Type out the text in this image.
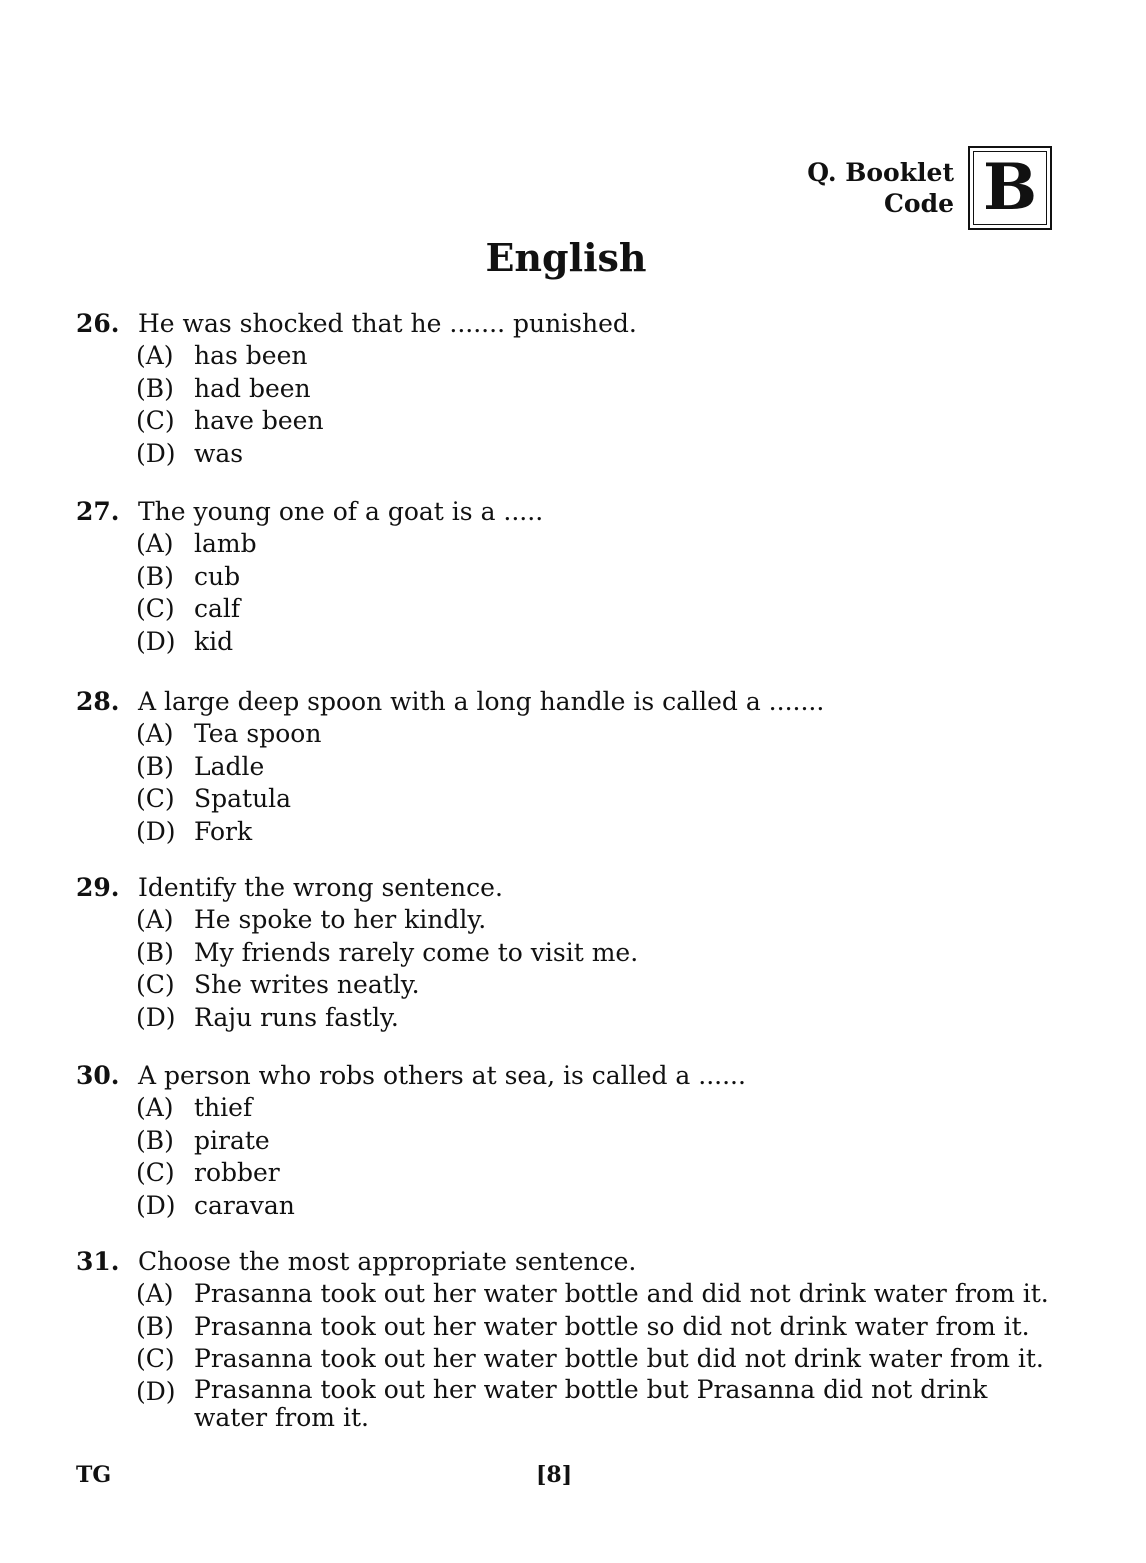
Q. Booklet
Code B
English
26. He was shocked that he ....... punished.
(A) has been
(B) had been
(C) have been
(D) was
27. The young one of a goat is a .....
(A) lamb
(B) cub
(C) calf
(D) kid
28. A large deep spoon with a long handle is called a .......
(A) Tea spoon
(B) Ladle
(C) Spatula
(D) Fork
29. Identify the wrong sentence.
(A) He spoke to her kindly.
(B) My friends rarely come to visit me.
(C) She writes neatly.
(D) Raju runs fastly.
30. A person who robs others at sea, is called a ......
(A) thief
(B) pirate
(C) robber
(D) caravan
31. Choose the most appropriate sentence.
(A) Prasanna took out her water bottle and did not drink water from it.
(B) Prasanna took out her water bottle so did not drink water from it.
(C) Prasanna took out her water bottle but did not drink water from it.
(D) Prasanna took out her water bottle but Prasanna did not drink water from it.
TG	[8]
